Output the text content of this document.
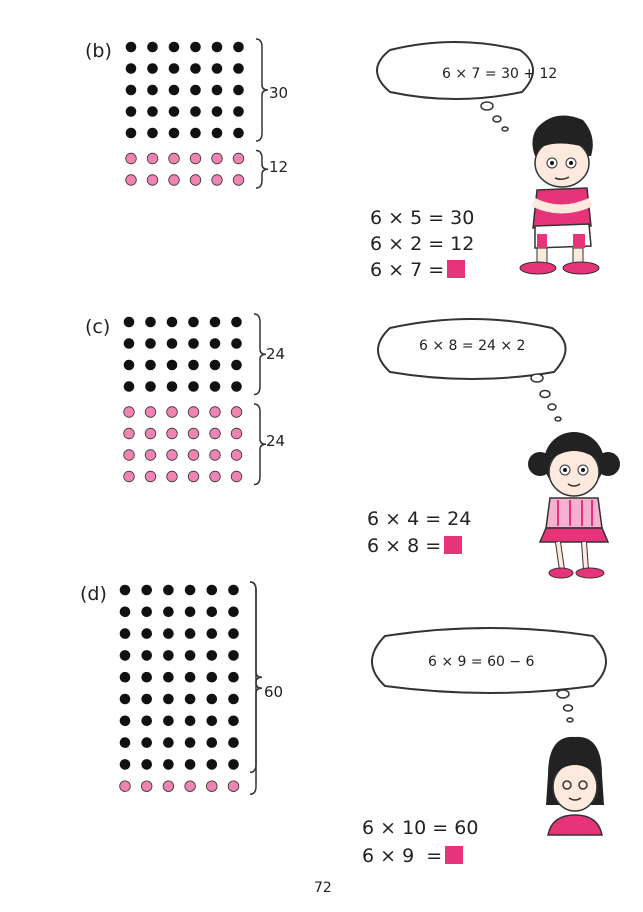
(b)
30
12
6 × 7 = 30 + 12
6 × 5 = 30
6 × 2 = 12
6 × 7 =
(c)
24
24
6 × 8 = 24 × 2
6 × 4 = 24
6 × 8 =
(d)
60
6 × 9 = 60 − 6
6 × 10 = 60
6 × 9  =
72
